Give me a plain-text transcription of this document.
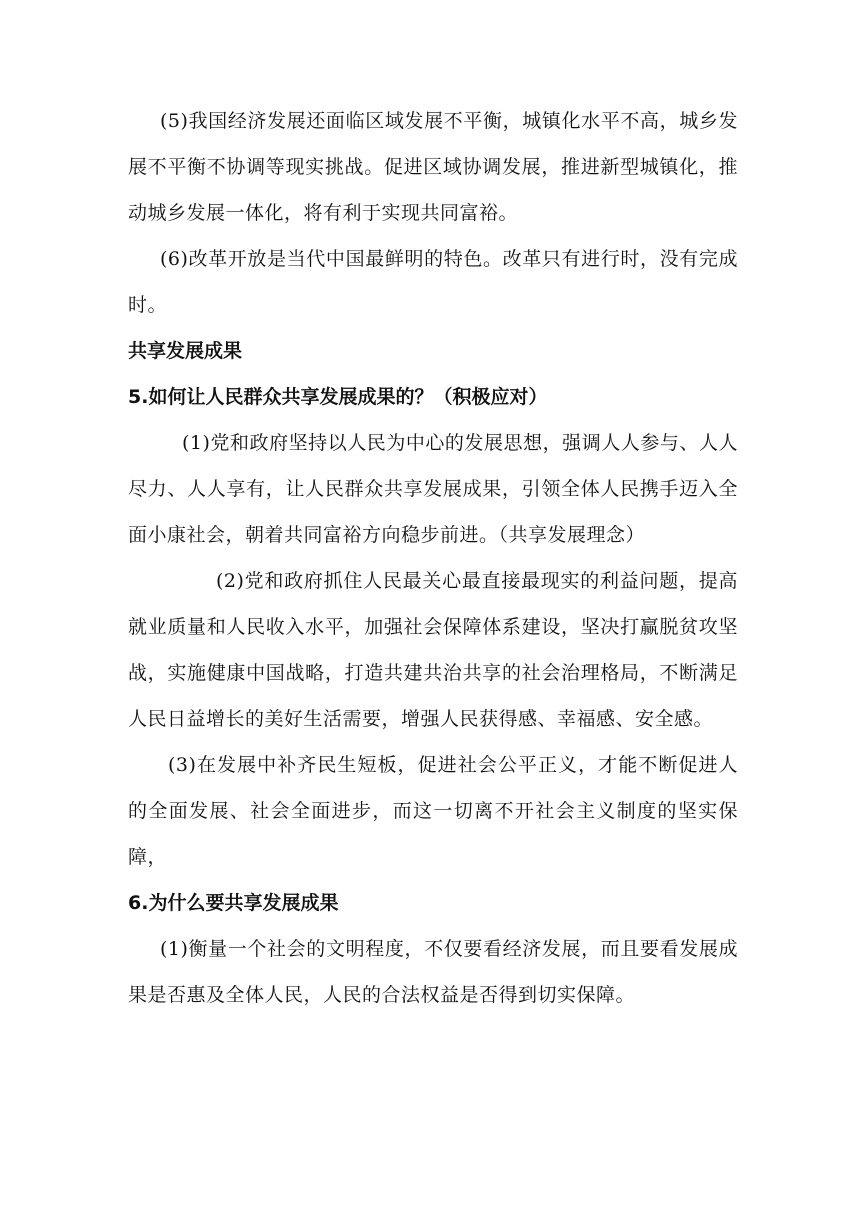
(5)我国经济发展还面临区域发展不平衡，城镇化水平不高，城乡发展不平衡不协调等现实挑战。促进区域协调发展，推进新型城镇化，推动城乡发展一体化，将有利于实现共同富裕。

(6)改革开放是当代中国最鲜明的特色。改革只有进行时，没有完成时。

共享发展成果

5.如何让人民群众共享发展成果的？（积极应对）

(1)党和政府坚持以人民为中心的发展思想，强调人人参与、人人尽力、人人享有，让人民群众共享发展成果，引领全体人民携手迈入全面小康社会，朝着共同富裕方向稳步前进。（共享发展理念）

(2)党和政府抓住人民最关心最直接最现实的利益问题，提高就业质量和人民收入水平，加强社会保障体系建设，坚决打赢脱贫攻坚战，实施健康中国战略，打造共建共治共享的社会治理格局，不断满足人民日益增长的美好生活需要，增强人民获得感、幸福感、安全感。

(3)在发展中补齐民生短板，促进社会公平正义，才能不断促进人的全面发展、社会全面进步，而这一切离不开社会主义制度的坚实保障，

6.为什么要共享发展成果

(1)衡量一个社会的文明程度，不仅要看经济发展，而且要看发展成果是否惠及全体人民，人民的合法权益是否得到切实保障。
